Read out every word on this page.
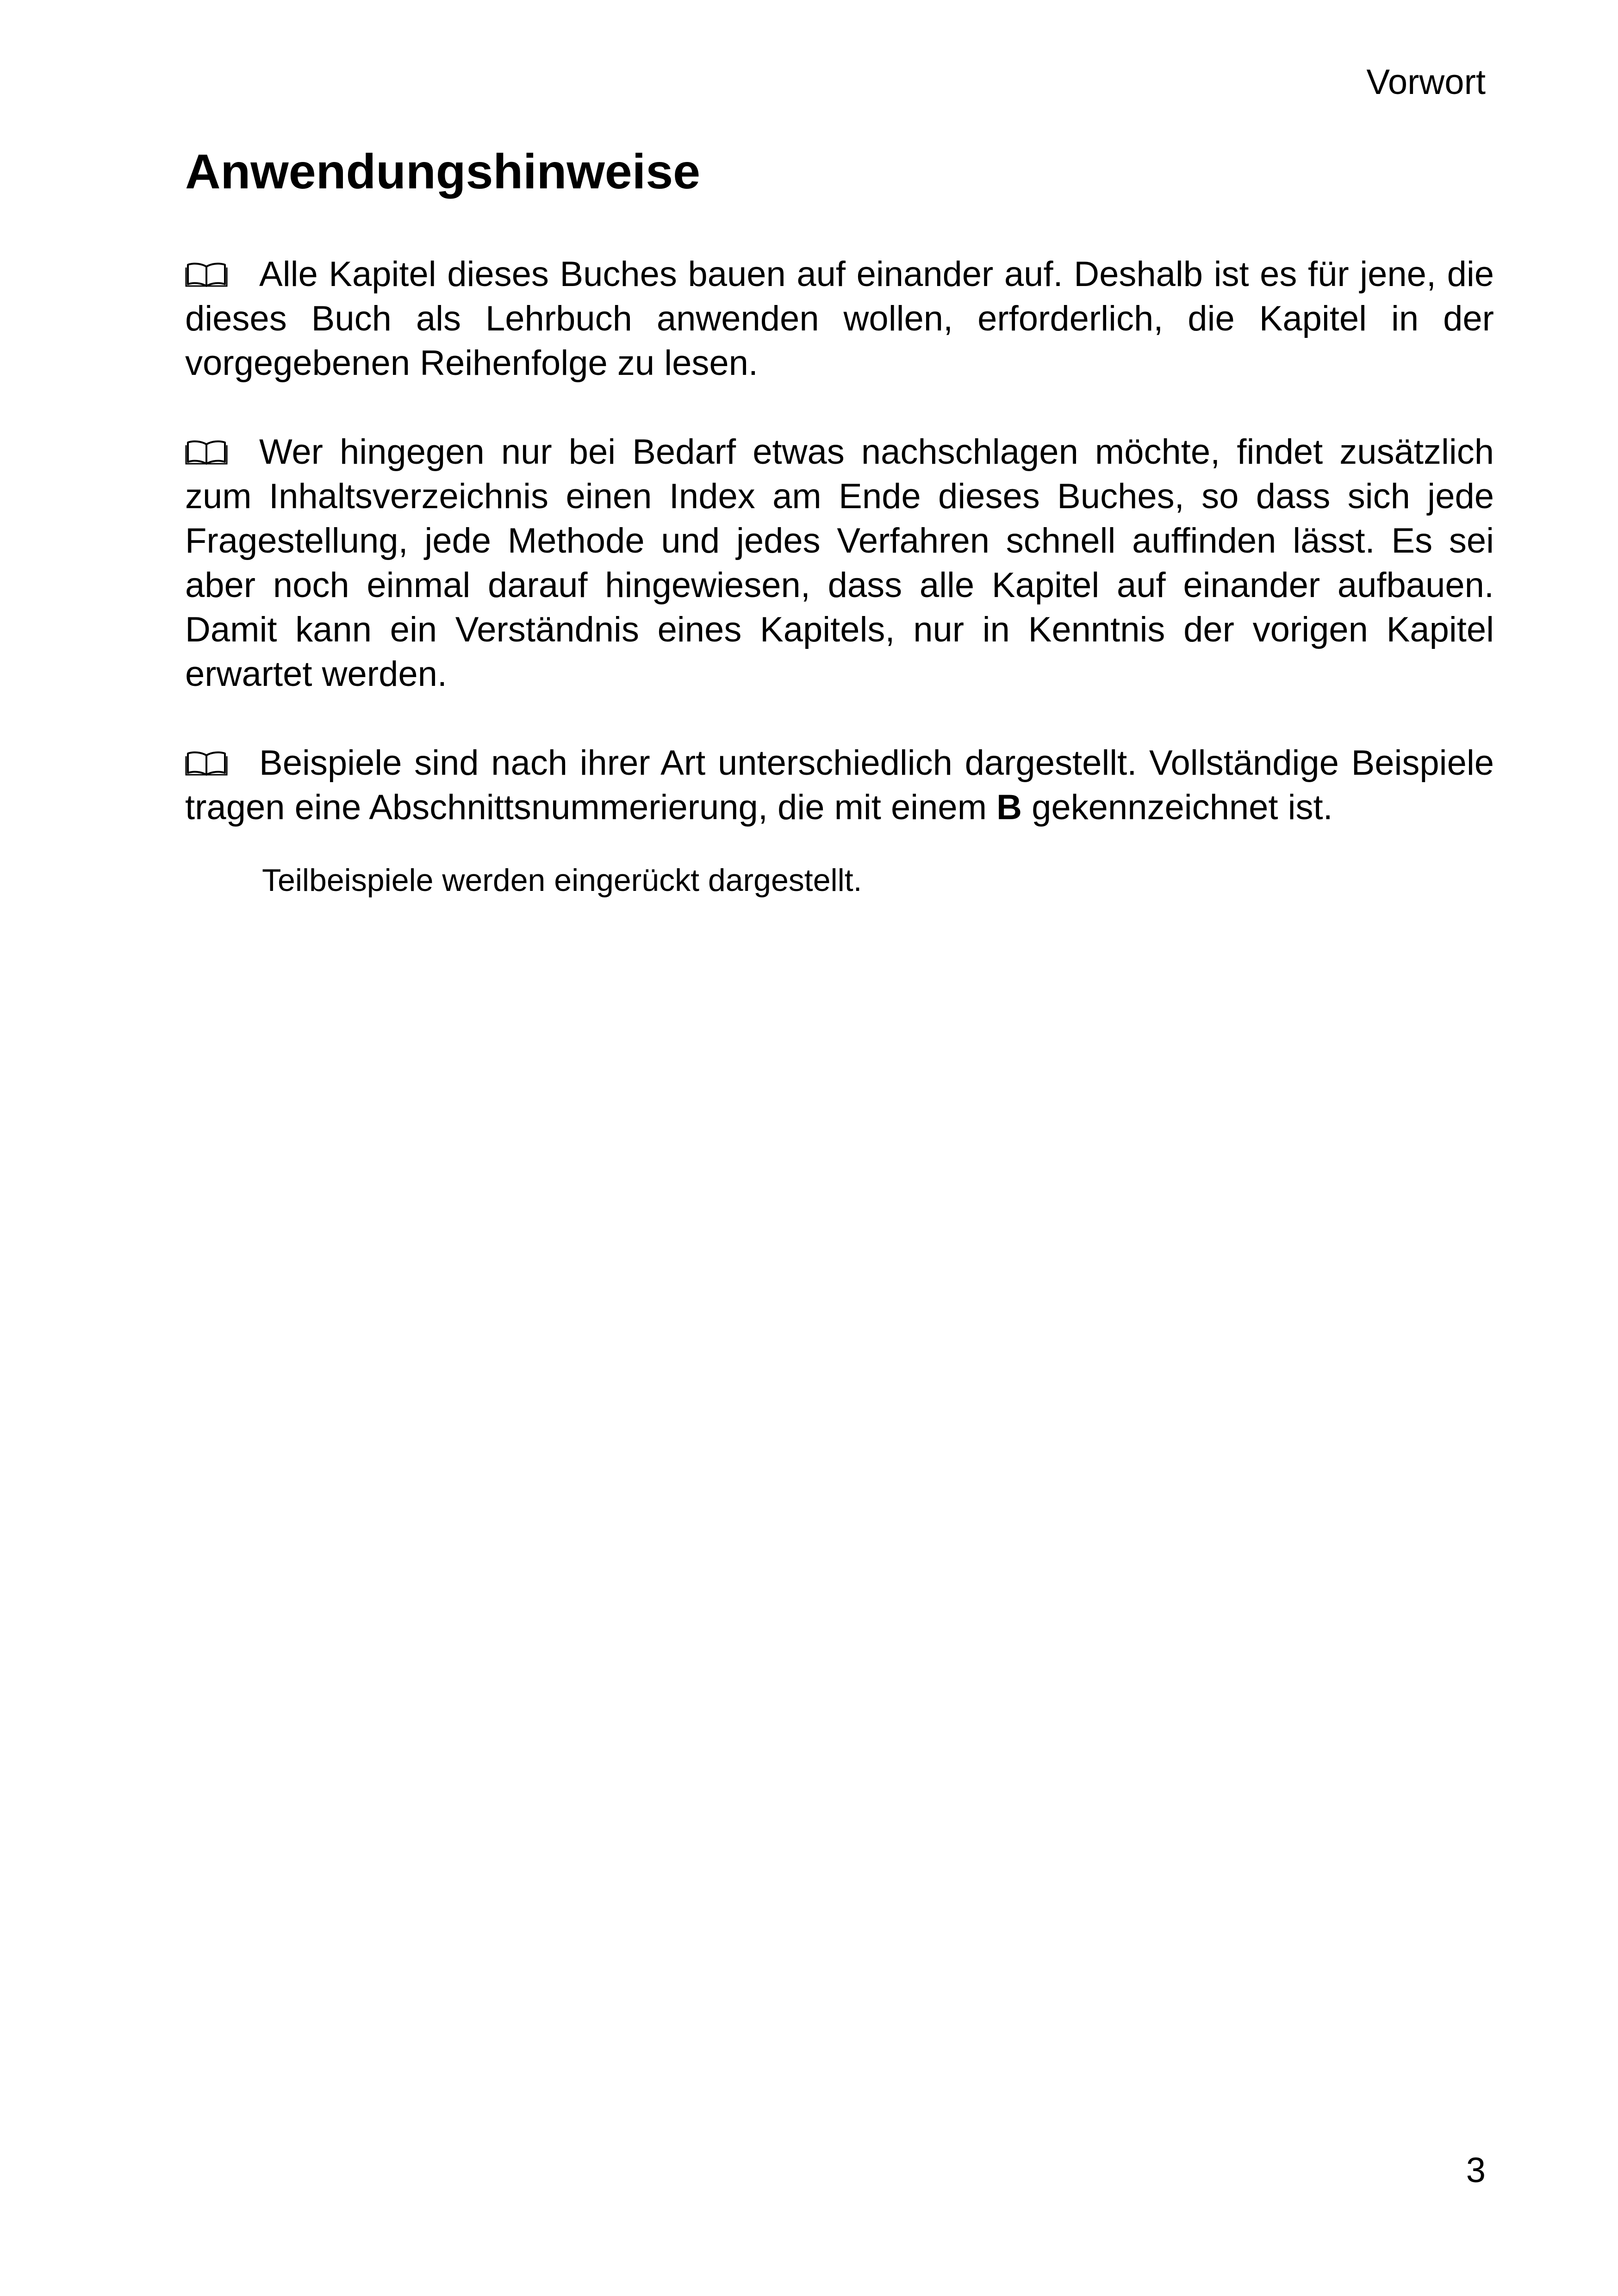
Vorwort
Anwendungshinweise

Alle Kapitel dieses Buches bauen auf einander auf. Deshalb ist es für jene, die dieses Buch als Lehrbuch anwenden wollen, erforderlich, die Kapitel in der vorgegebenen Reihenfolge zu lesen.

Wer hingegen nur bei Bedarf etwas nachschlagen möchte, findet zusätzlich zum Inhaltsverzeichnis einen Index am Ende dieses Buches, so dass sich jede Fragestellung, jede Methode und jedes Verfahren schnell auffinden lässt. Es sei aber noch einmal darauf hingewiesen, dass alle Kapitel auf einander aufbauen. Damit kann ein Verständnis eines Kapitels, nur in Kenntnis der vorigen Kapitel erwartet werden.

Beispiele sind nach ihrer Art unterschiedlich dargestellt. Vollständige Beispiele tragen eine Abschnittsnummerierung, die mit einem B gekennzeichnet ist.

Teilbeispiele werden eingerückt dargestellt.

3
